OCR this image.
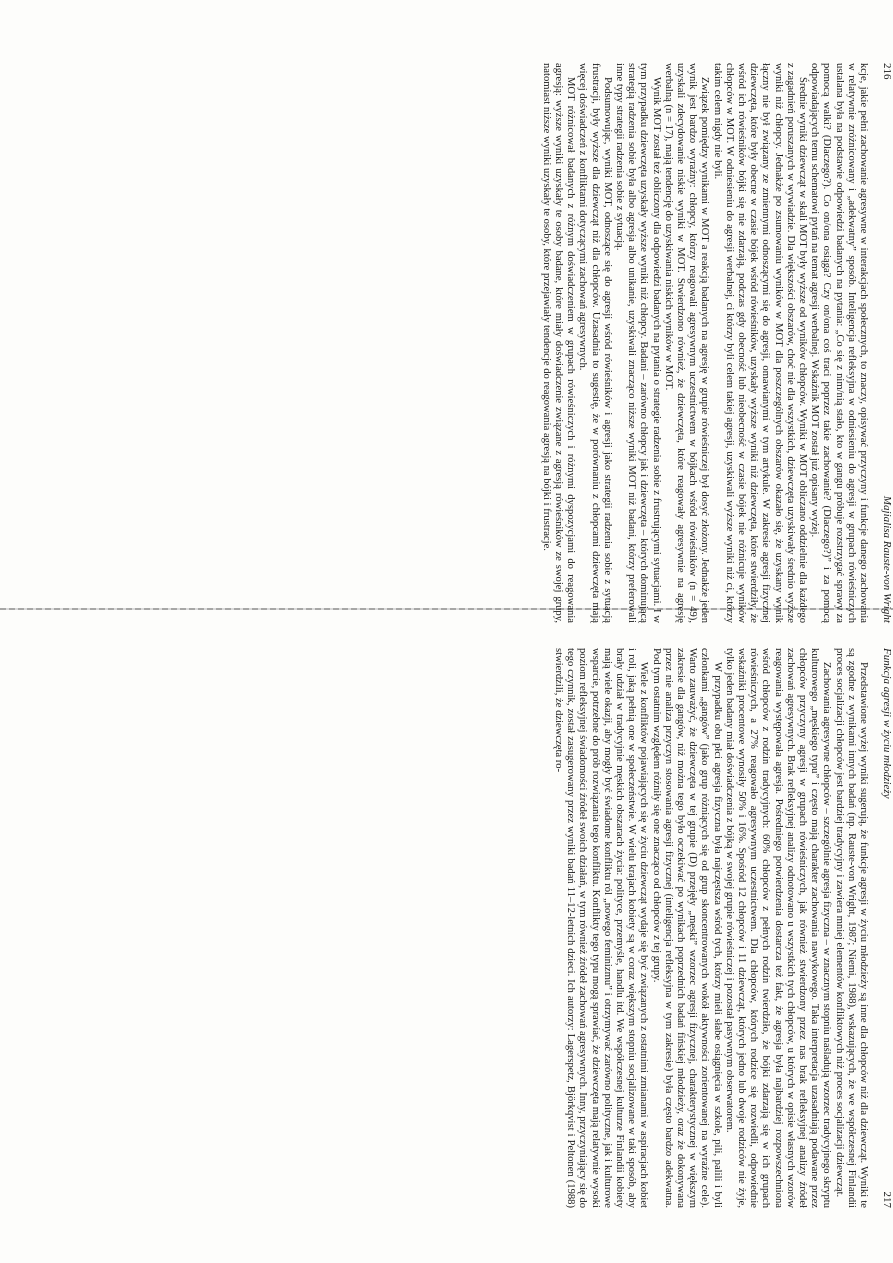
216
Majialisa Rauste-von Wright

kcje, jakie pełni zachowanie agresywne w interakcjach społecznych, to znaczy, opisywać przyczyny i funkcje danego zachowania w relatywnie zróżnicowany i „adekwatny” sposób. Inteligencja refleksyjna w odniesieniu do agresji w grupach rówieśniczych ustalana była na podstawie odpowiedzi badanych na pytania: „Co się z nim/nią stało, kto w gangu próbuje rozstrzygać sprawy za pomocą walki? (Dlaczego?). Co on/ona osiąga? Czy on/ona coś traci poprzez takie zachowanie? (Dlaczego?)” i za pomocą odpowiadających temu schematowi pytań na temat agresji werbalnej. Wskaźnik MOT został już opisany wyżej.

Średnie wyniki dziewcząt w skali MOT były wyższe od wyników chłopców. Wyniki w MOT obliczano oddzielnie dla każdego z zagadnień poruszanych w wywiadzie. Dla większości obszarów, choć nie dla wszystkich, dziewczęta uzyskiwały średnio wyższe wyniki niż chłopcy. Jednakże po zsumowaniu wyników w MOT dla poszczególnych obszarów okazało się, że uzyskany wynik łączny nie był związany ze zmiennymi odnoszącymi się do agresji, omawianymi w tym artykule. W zakresie agresji fizycznej dziewczęta, które były obecne w czasie bójek wśród rówieśników, uzyskały wyższe wyniki niż dziewczęta, które stwierdziły, że wśród ich rówieśników bójki się nie zdarzają, podczas gdy obecność lub nieobecność w czasie bójek nie różnicuje wyników chłopców w MOT. W odniesieniu do agresji werbalnej, ci którzy byli celem takiej agresji, uzyskiwali wyższe wyniki niż ci, którzy takim celem nigdy nie byli.

Związek pomiędzy wynikami w MOT a reakcją badanych na agresję w grupie rówieśniczej był dosyć złożony. Jednakże jeden wynik jest bardzo wyraźny: chłopcy, którzy reagowali agresywnym uczestnictwem w bójkach wśród rówieśników (n = 49), uzyskali zdecydowanie niskie wyniki w MOT. Stwierdzono również, że dziewczęta, które reagowały agresywnie na agresję werbalną (n = 17), mają tendencję do uzyskiwania niskich wyników w MOT.

Wynik MOT został też obliczony dla odpowiedzi badanych na pytania o strategie radzenia sobie z frustrującymi sytuacjami. I w tym przypadku dziewczęta uzyskały wyższe wyniki niż chłopcy. Badani – zarówno chłopcy jak i dziewczęta – których dominującą strategią radzenia sobie była albo agresja albo unikanie, uzyskiwali znacząco niższe wyniki MOT niż badani, którzy preferowali inne typy strategii radzenia sobie z sytuacją.

Podsumowując, wyniki MOT, odnoszące się do agresji wśród rówieśników i agresji jako strategii radzenia sobie z sytuacją frustracji, były wyższe dla dziewcząt niż dla chłopców. Uzasadnia to sugestię, że w porównaniu z chłopcami dziewczęta mają więcej doświadczeń z konfliktami dotyczącymi zachowań agresywnych.

MOT różnicował badanych z różnym doświadczeniem w grupach rówieśniczych i różnymi dyspozycjami do reagowania agresją: wyższe wyniki uzyskały te osoby badane, które miały doświadczenie związane z agresją rówieśników ze swojej grupy, natomiast niższe wyniki uzyskały te osoby, które przejawiały tendencje do reagowania agresją na bójki i frustracje.

Funkcja agresji w życiu młodzieży
217

Przedstawione wyżej wyniki sugerują, że funkcje agresji w życiu młodzieży są inne dla chłopców niż dla dziewcząt. Wyniki te są zgodne z wynikami innych badań (np. Rauste-von Wright, 1987; Niemi, 1988), wskazujących, że we współczesnej Finlandii proces socjalizacji chłopców jest bardziej tradycyjny i zawiera mniej elementów konfliktowych niż proces socjalizacji dziewcząt.

Zachowania agresywne chłopców – szczególnie agresja fizyczna – w znacznym stopniu naśladują wzorzec tradycyjnego skryptu kulturowego „męskiego typu” i często mają charakter zachowania nawykowego. Taka interpretacja uzasadniają podawane przez chłopców przyczyny agresji w grupach rówieśniczych, jak również stwierdzony przez nas brak refleksyjnej analizy źródeł zachowań agresywnych. Brak refleksyjnej analizy odnotowano u wszystkich tych chłopców, u których w opisie własnych wzorów reagowania występowała agresja. Pośredniego potwierdzenia dostarcza też fakt, że agresja była najbardziej rozpowszechniona wśród chłopców z rodzin tradycyjnych: 60% chłopców z pełnych rodzin twierdziło, że bójki zdarzają się w ich grupach rówieśniczych, a 27% reagowało agresywnym uczestnictwem. Dla chłopców, których rodzice się rozwiedli, odpowiednie wskaźniki procentowe wynosiły 50% i 16%. Spośród 12 chłopców i 11 dziewcząt, których jedno lub dwoje rodziców nie żyje, tylko jeden badany miał doświadczenia z bójką w swojej grupie rówieśniczej i pozostał pasywnym obserwatorem.

W przypadku obu płci agresja fizyczna była najczęstsza wśród tych, którzy mieli słabe osiągnięcia w szkole, pili, palili i byli członkami „gangów” (jako grup różniących się od grup skoncentrowanych wokół aktywności zorientowanej na wyraźne cele). Warto zauważyć, że dziewczęta w tej grupie (D) przejęły „męski” wzorzec agresji fizycznej, charakterystycznej w większym zakresie dla gangów, niż można tego było oczekiwać po wynikach poprzednich badań fińskiej młodzieży, oraz że dokonywana przez nie analiza przyczyn stosowania agresji fizycznej (inteligencja refleksyjna w tym zakresie) była często bardzo adekwatna. Pod tym ostatnim względem różniły się one znacząco od chłopców z tej grupy.

Wiele z konfliktów pojawiających się w życiu dziewcząt wydaje się być związanych z ostatnimi zmianami w aspiracjach kobiet i roli, jaką pełnią one w społeczeństwie. W wielu krajach kobiety są w coraz większym stopniu socjalizowane w taki sposób, aby brały udział w tradycyjnie męskich obszarach życia: polityce, przemyśle, handlu itd. We współczesnej kulturze Finlandii kobiety mają wiele okazji, aby mogły być świadome konfliktu ról „nowego feminizmu” i otrzymywać zarówno polityczne, jak i kulturowe wsparcie, potrzebne do prób rozwiązania tego konfliktu. Konflikty tego typu mogą sprawiać, że dziewczęta mają relatywnie wysoki poziom refleksyjnej świadomości źródeł swoich działań, w tym również źródeł zachowań agresywnych. Inny, przyczyniający się do tego czynnik, został zasugerowany przez wyniki badań 11–12-letnich dzieci. Ich autorzy: Lagerspetz, Björkqvist i Peltonen (1988) stwierdzili, że dziewczęta ro-
